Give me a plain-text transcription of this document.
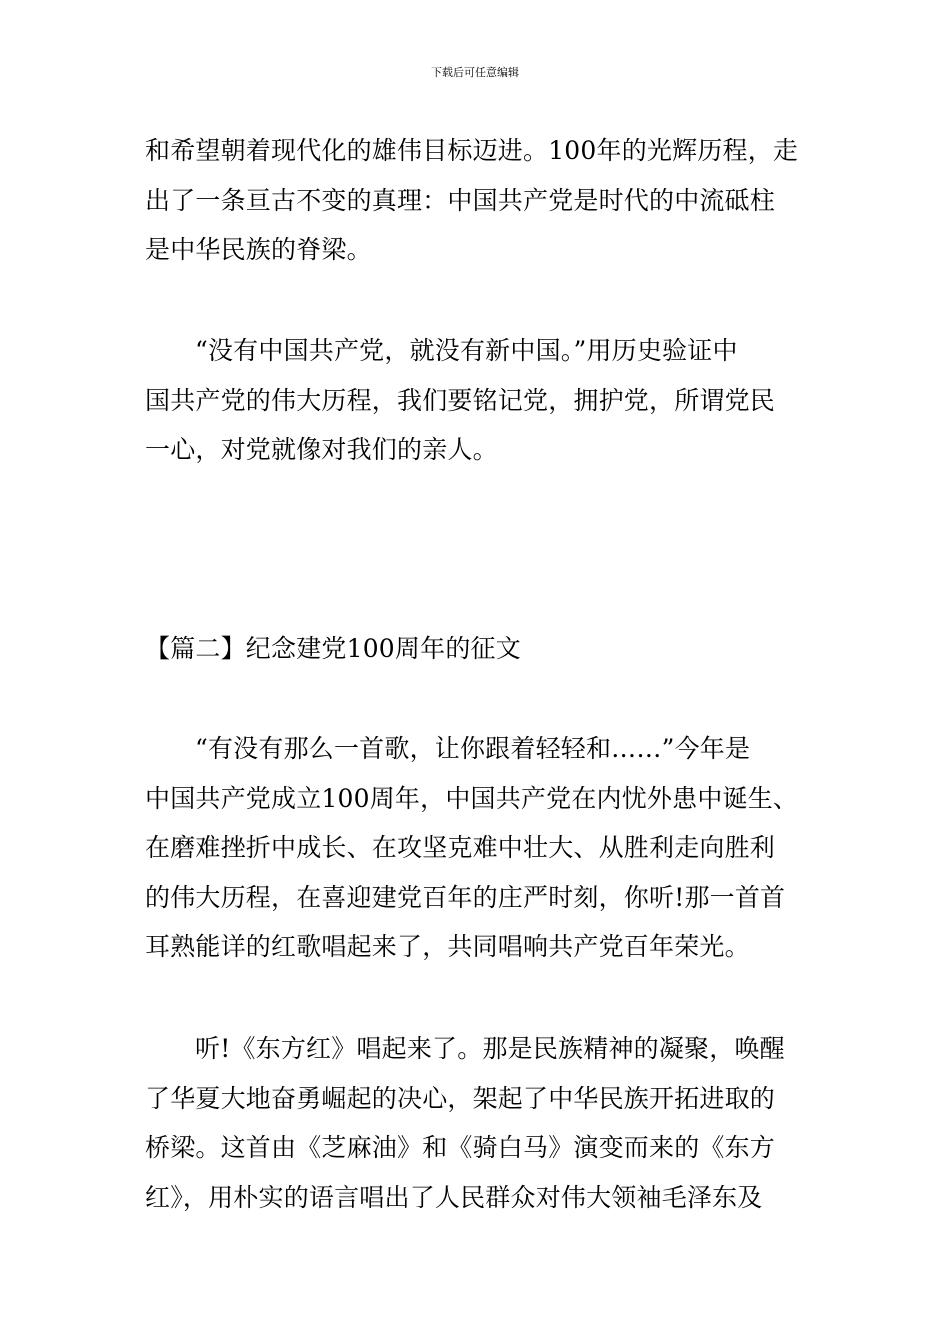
下载后可任意编辑
和希望朝着现代化的雄伟目标迈进。100年的光辉历程，走
出了一条亘古不变的真理：中国共产党是时代的中流砥柱
是中华民族的脊梁。
“没有中国共产党，就没有新中国。”用历史验证中
国共产党的伟大历程，我们要铭记党，拥护党，所谓党民
一心，对党就像对我们的亲人。
【篇二】纪念建党100周年的征文
“有没有那么一首歌，让你跟着轻轻和……”今年是
中国共产党成立100周年，中国共产党在内忧外患中诞生、
在磨难挫折中成长、在攻坚克难中壮大、从胜利走向胜利
的伟大历程，在喜迎建党百年的庄严时刻，你听!那一首首
耳熟能详的红歌唱起来了，共同唱响共产党百年荣光。
听!《东方红》唱起来了。那是民族精神的凝聚，唤醒
了华夏大地奋勇崛起的决心，架起了中华民族开拓进取的
桥梁。这首由《芝麻油》和《骑白马》演变而来的《东方
红》，用朴实的语言唱出了人民群众对伟大领袖毛泽东及
